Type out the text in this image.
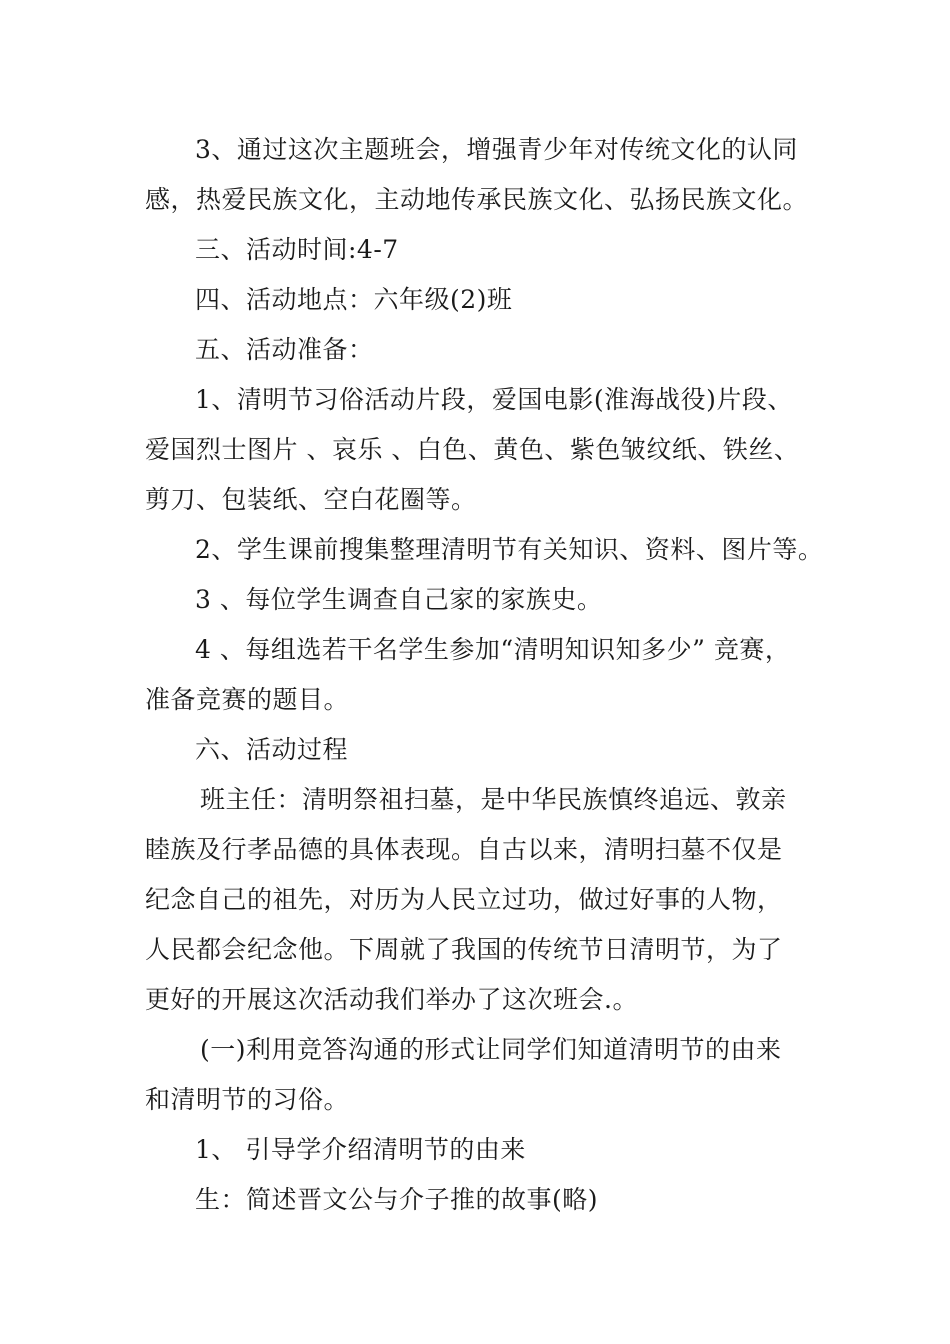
3、通过这次主题班会，增强青少年对传统文化的认同
感，热爱民族文化，主动地传承民族文化、弘扬民族文化。
三、活动时间:4-7
四、活动地点：六年级(2)班
五、活动准备：
1、清明节习俗活动片段，爱国电影(淮海战役)片段、
爱国烈士图片 、哀乐 、白色、黄色、紫色皱纹纸、铁丝、
剪刀、包装纸、空白花圈等。
2、学生课前搜集整理清明节有关知识、资料、图片等。
3 、每位学生调查自己家的家族史。
4 、每组选若干名学生参加“清明知识知多少” 竞赛，
准备竞赛的题目。
六、活动过程
班主任：清明祭祖扫墓，是中华民族慎终追远、敦亲
睦族及行孝品德的具体表现。自古以来，清明扫墓不仅是
纪念自己的祖先，对历为人民立过功，做过好事的人物，
人民都会纪念他。下周就了我国的传统节日清明节，为了
更好的开展这次活动我们举办了这次班会.。
(一)利用竞答沟通的形式让同学们知道清明节的由来
和清明节的习俗。
1、 引导学介绍清明节的由来
生：简述晋文公与介子推的故事(略)
